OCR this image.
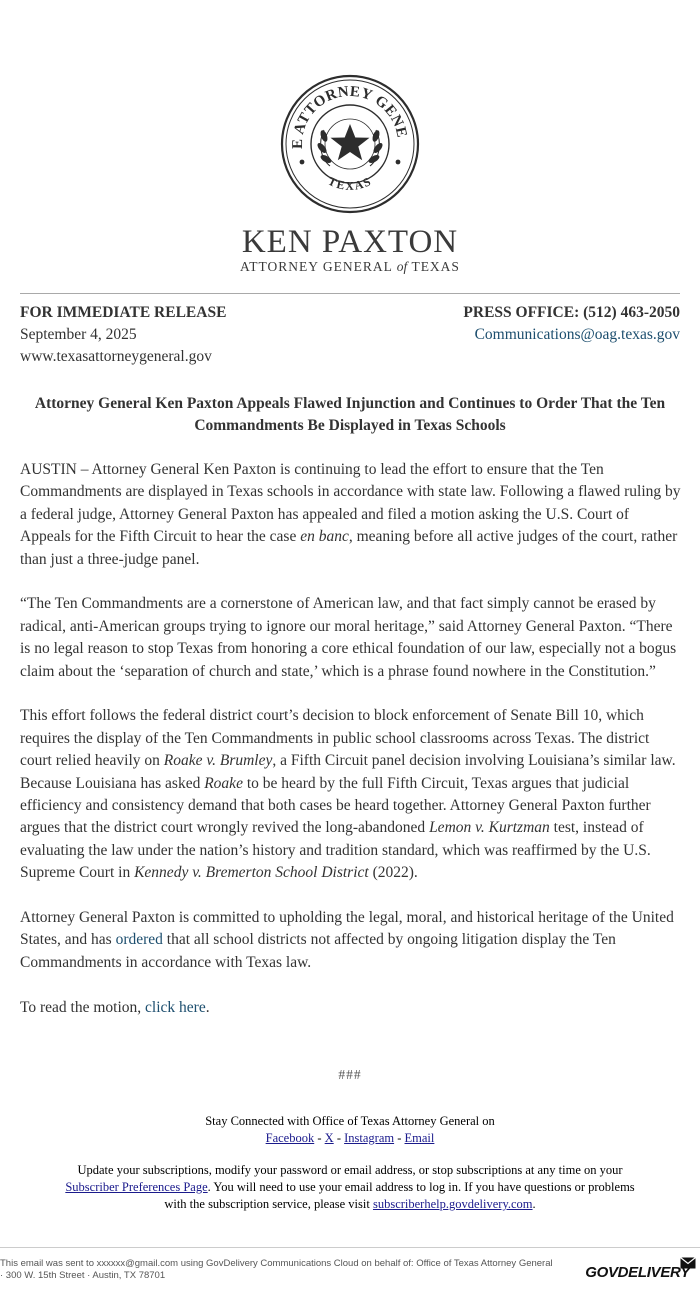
E ATTORNEY GENE
TEXAS
KEN PAXTON
ATTORNEY GENERAL of TEXAS
FOR IMMEDIATE RELEASE
September 4, 2025
www.texasattorneygeneral.gov
PRESS OFFICE: (512) 463-2050
Communications@oag.texas.gov
Attorney General Ken Paxton Appeals Flawed Injunction and Continues to Order That the Ten Commandments Be Displayed in Texas Schools

AUSTIN – Attorney General Ken Paxton is continuing to lead the effort to ensure that the Ten Commandments are displayed in Texas schools in accordance with state law. Following a flawed ruling by a federal judge, Attorney General Paxton has appealed and filed a motion asking the U.S. Court of Appeals for the Fifth Circuit to hear the case en banc, meaning before all active judges of the court, rather than just a three-judge panel.

“The Ten Commandments are a cornerstone of American law, and that fact simply cannot be erased by radical, anti-American groups trying to ignore our moral heritage,” said Attorney General Paxton. “There is no legal reason to stop Texas from honoring a core ethical foundation of our law, especially not a bogus claim about the ‘separation of church and state,’ which is a phrase found nowhere in the Constitution.”

This effort follows the federal district court’s decision to block enforcement of Senate Bill 10, which requires the display of the Ten Commandments in public school classrooms across Texas. The district court relied heavily on Roake v. Brumley, a Fifth Circuit panel decision involving Louisiana’s similar law. Because Louisiana has asked Roake to be heard by the full Fifth Circuit, Texas argues that judicial efficiency and consistency demand that both cases be heard together. Attorney General Paxton further argues that the district court wrongly revived the long-abandoned Lemon v. Kurtzman test, instead of evaluating the law under the nation’s history and tradition standard, which was reaffirmed by the U.S. Supreme Court in Kennedy v. Bremerton School District (2022).

Attorney General Paxton is committed to upholding the legal, moral, and historical heritage of the United States, and has ordered that all school districts not affected by ongoing litigation display the Ten Commandments in accordance with Texas law.

To read the motion, click here.

###
Stay Connected with Office of Texas Attorney General on
Facebook - X - Instagram - Email
Update your subscriptions, modify your password or email address, or stop subscriptions at any time on your Subscriber Preferences Page. You will need to use your email address to log in. If you have questions or problems with the subscription service, please visit subscriberhelp.govdelivery.com.
This email was sent to xxxxxx@gmail.com using GovDelivery Communications Cloud on behalf of: Office of Texas Attorney General
· 300 W. 15th Street · Austin, TX 78701	GOVDELIVERY
